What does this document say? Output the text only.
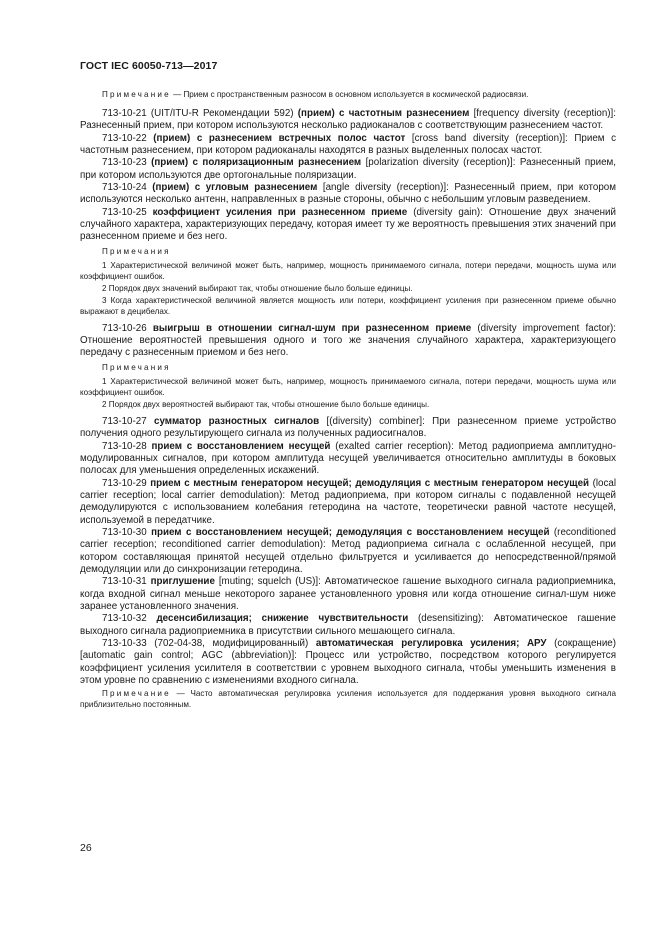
ГОСТ IEC 60050-713—2017

Примечание — Прием с пространственным разносом в основном используется в космической радиосвязи.

713-10-21 (UIT/ITU-R Рекомендации 592) (прием) с частотным разнесением [frequency diversity (reception)]: Разнесенный прием, при котором используются несколько радиоканалов с соответствующим разнесением частот.

713-10-22 (прием) с разнесением встречных полос частот [cross band diversity (reception)]: Прием с частотным разнесением, при котором радиоканалы находятся в разных выделенных полосах частот.

713-10-23 (прием) с поляризационным разнесением [polarization diversity (reception)]: Разнесенный прием, при котором используются две ортогональные поляризации.

713-10-24 (прием) с угловым разнесением [angle diversity (reception)]: Разнесенный прием, при котором используются несколько антенн, направленных в разные стороны, обычно с небольшим угловым разведением.

713-10-25 коэффициент усиления при разнесенном приеме (diversity gain): Отношение двух значений случайного характера, характеризующих передачу, которая имеет ту же вероятность превышения этих значений при разнесенном приеме и без него.

Примечания

1 Характеристической величиной может быть, например, мощность принимаемого сигнала, потери передачи, мощность шума или коэффициент ошибок.

2 Порядок двух значений выбирают так, чтобы отношение было больше единицы.

3 Когда характеристической величиной является мощность или потери, коэффициент усиления при разнесенном приеме обычно выражают в децибелах.

713-10-26 выигрыш в отношении сигнал-шум при разнесенном приеме (diversity improvement factor): Отношение вероятностей превышения одного и того же значения случайного характера, характеризующего передачу с разнесенным приемом и без него.

Примечания

1 Характеристической величиной может быть, например, мощность принимаемого сигнала, потери передачи, мощность шума или коэффициент ошибок.

2 Порядок двух вероятностей выбирают так, чтобы отношение было больше единицы.

713-10-27 сумматор разностных сигналов [(diversity) combiner]: При разнесенном приеме устройство получения одного результирующего сигнала из полученных радиосигналов.

713-10-28 прием с восстановлением несущей (exalted carrier reception): Метод радиоприема амплитудно-модулированных сигналов, при котором амплитуда несущей увеличивается относительно амплитуды в боковых полосах для уменьшения определенных искажений.

713-10-29 прием с местным генератором несущей; демодуляция с местным генератором несущей (local carrier reception; local carrier demodulation): Метод радиоприема, при котором сигналы с подавленной несущей демодулируются с использованием колебания гетеродина на частоте, теоретически равной частоте несущей, используемой в передатчике.

713-10-30 прием с восстановлением несущей; демодуляция с восстановлением несущей (reconditioned carrier reception; reconditioned carrier demodulation): Метод радиоприема сигнала с ослабленной несущей, при котором составляющая принятой несущей отдельно фильтруется и усиливается до непосредственной/прямой демодуляции или до синхронизации гетеродина.

713-10-31 приглушение [muting; squelch (US)]: Автоматическое гашение выходного сигнала радиоприемника, когда входной сигнал меньше некоторого заранее установленного уровня или когда отношение сигнал-шум ниже заранее установленного значения.

713-10-32 десенсибилизация; снижение чувствительности (desensitizing): Автоматическое гашение выходного сигнала радиоприемника в присутствии сильного мешающего сигнала.

713-10-33 (702-04-38, модифицированный) автоматическая регулировка усиления; АРУ (сокращение) [automatic gain control; AGC (abbreviation)]: Процесс или устройство, посредством которого регулируется коэффициент усиления усилителя в соответствии с уровнем выходного сигнала, чтобы уменьшить изменения в этом уровне по сравнению с изменениями входного сигнала.

Примечание — Часто автоматическая регулировка усиления используется для поддержания уровня выходного сигнала приблизительно постоянным.

26
